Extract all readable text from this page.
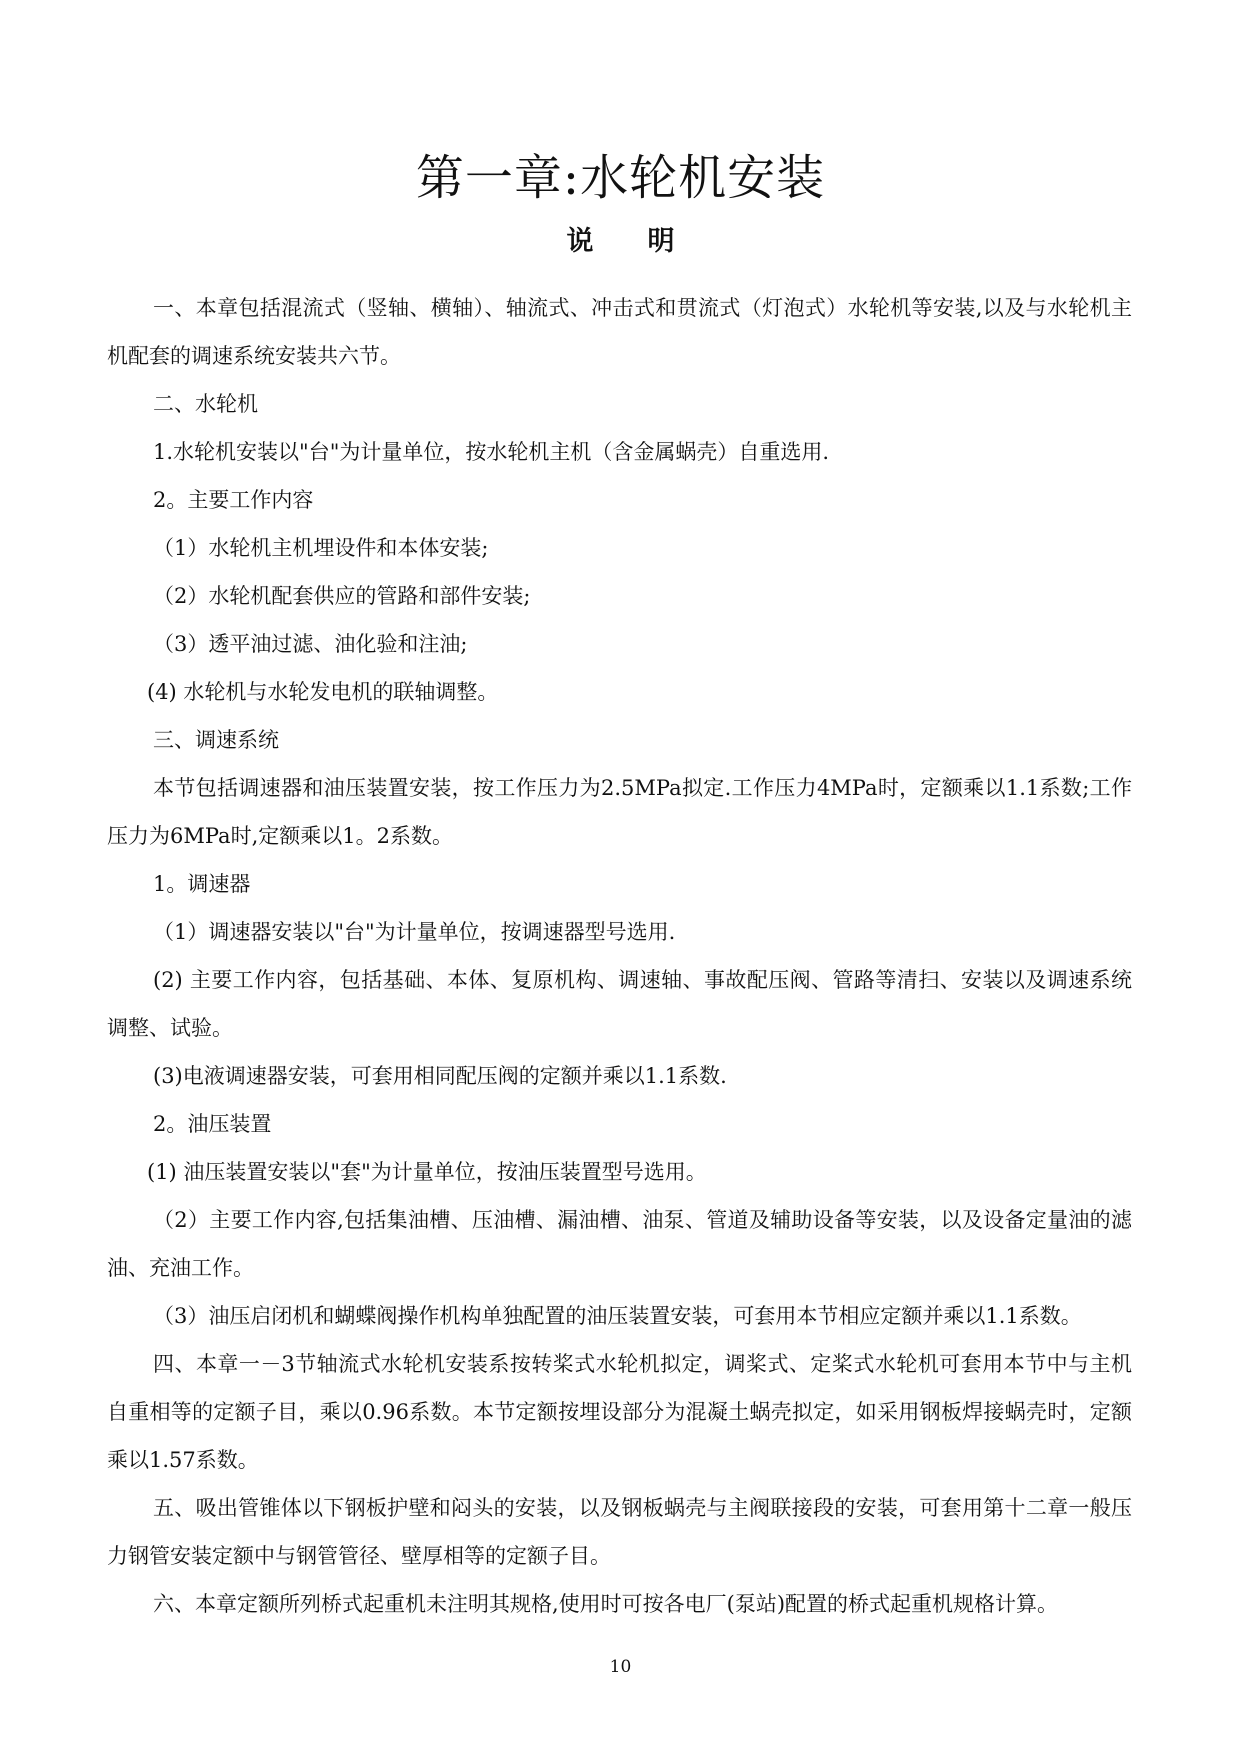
第一章:水轮机安装
说　　明

一、本章包括混流式（竖轴、横轴）、轴流式、冲击式和贯流式（灯泡式）水轮机等安装,以及与水轮机主机配套的调速系统安装共六节。

二、水轮机

1.水轮机安装以"台"为计量单位，按水轮机主机（含金属蜗壳）自重选用.

2。主要工作内容

（1）水轮机主机埋设件和本体安装;

（2）水轮机配套供应的管路和部件安装;

（3）透平油过滤、油化验和注油;

(4) 水轮机与水轮发电机的联轴调整。

三、调速系统

本节包括调速器和油压装置安装，按工作压力为2.5MPa拟定.工作压力4MPa时，定额乘以1.1系数;工作压力为6MPa时,定额乘以1。2系数。

1。调速器

（1）调速器安装以"台"为计量单位，按调速器型号选用.

(2) 主要工作内容，包括基础、本体、复原机构、调速轴、事故配压阀、管路等清扫、安装以及调速系统调整、试验。

(3)电液调速器安装，可套用相同配压阀的定额并乘以1.1系数.

2。油压装置

(1) 油压装置安装以"套"为计量单位，按油压装置型号选用。

（2）主要工作内容,包括集油槽、压油槽、漏油槽、油泵、管道及辅助设备等安装，以及设备定量油的滤油、充油工作。

（3）油压启闭机和蝴蝶阀操作机构单独配置的油压装置安装，可套用本节相应定额并乘以1.1系数。

四、本章一－3节轴流式水轮机安装系按转桨式水轮机拟定，调桨式、定桨式水轮机可套用本节中与主机自重相等的定额子目，乘以0.96系数。本节定额按埋设部分为混凝土蜗壳拟定，如采用钢板焊接蜗壳时，定额乘以1.57系数。

五、吸出管锥体以下钢板护壁和闷头的安装，以及钢板蜗壳与主阀联接段的安装，可套用第十二章一般压力钢管安装定额中与钢管管径、壁厚相等的定额子目。

六、本章定额所列桥式起重机未注明其规格,使用时可按各电厂(泵站)配置的桥式起重机规格计算。

10
